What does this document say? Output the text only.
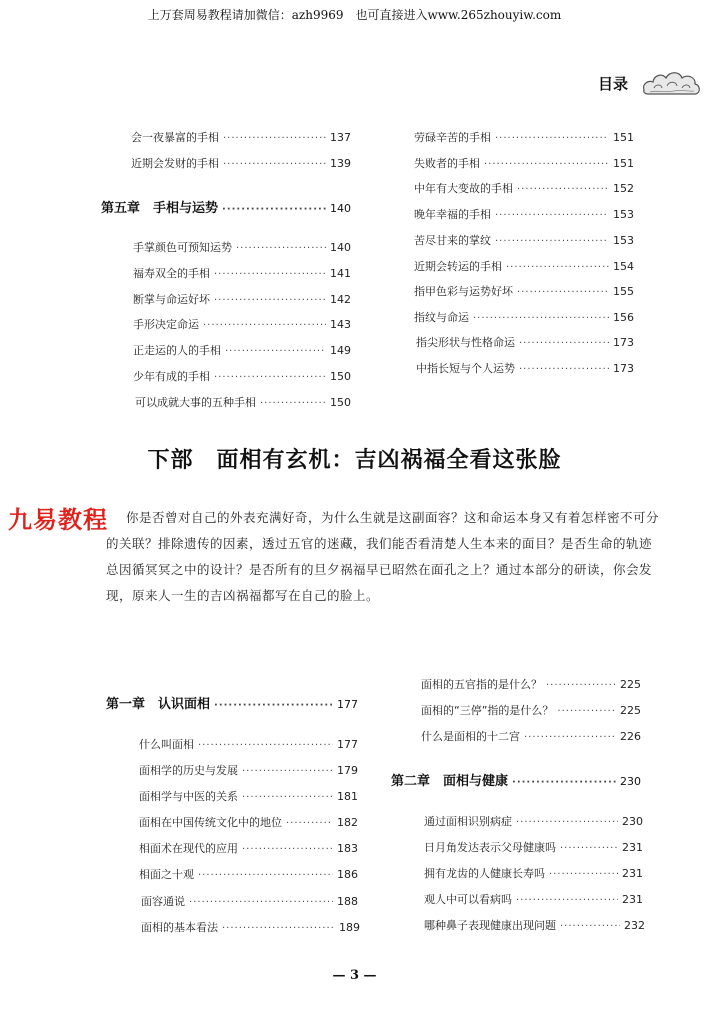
上万套周易教程请加微信：azh9969　也可直接进入www.265zhouyiw.com
目录
会一夜暴富的手相 ·····	137
近期会发财的手相 ·····	139
第五章　手相与运势 ·····	140
手掌颜色可预知运势 ·····	140
福寿双全的手相 ·····	141
断掌与命运好坏 ·····	142
手形决定命运 ·····	143
正走运的人的手相 ·····	149
少年有成的手相 ·····	150
可以成就大事的五种手相 ·····	150
劳碌辛苦的手相 ·····	151
失败者的手相 ·····	151
中年有大变故的手相 ·····	152
晚年幸福的手相 ·····	153
苦尽甘来的掌纹 ·····	153
近期会转运的手相 ·····	154
指甲色彩与运势好坏 ·····	155
指纹与命运 ·····	156
指尖形状与性格命运 ·····	173
中指长短与个人运势 ·····	173
下部　面相有玄机：吉凶祸福全看这张脸
九易教程	你是否曾对自己的外表充满好奇，为什么生就是这副面容？这和命运本身又有着怎样密不可分的关联？排除遗传的因素，透过五官的迷藏，我们能否看清楚人生本来的面目？是否生命的轨迹总因循冥冥之中的设计？是否所有的旦夕祸福早已昭然在面孔之上？通过本部分的研读，你会发现，原来人一生的吉凶祸福都写在自己的脸上。
第一章　认识面相 ·····	177
什么叫面相 ·····	177
面相学的历史与发展 ·····	179
面相学与中医的关系 ·····	181
面相在中国传统文化中的地位 ·····	182
相面术在现代的应用 ·····	183
相面之十观 ·····	186
面容通说 ·····	188
面相的基本看法 ·····	189
面相的五官指的是什么？ ·····	225
面相的“三停”指的是什么？ ·····	225
什么是面相的十二宫 ·····	226
第二章　面相与健康 ·····	230
通过面相识别病症 ·····	230
日月角发达表示父母健康吗 ·····	231
拥有龙齿的人健康长寿吗 ·····	231
观人中可以看病吗 ·····	231
哪种鼻子表现健康出现问题 ·····	232
— 3 —
